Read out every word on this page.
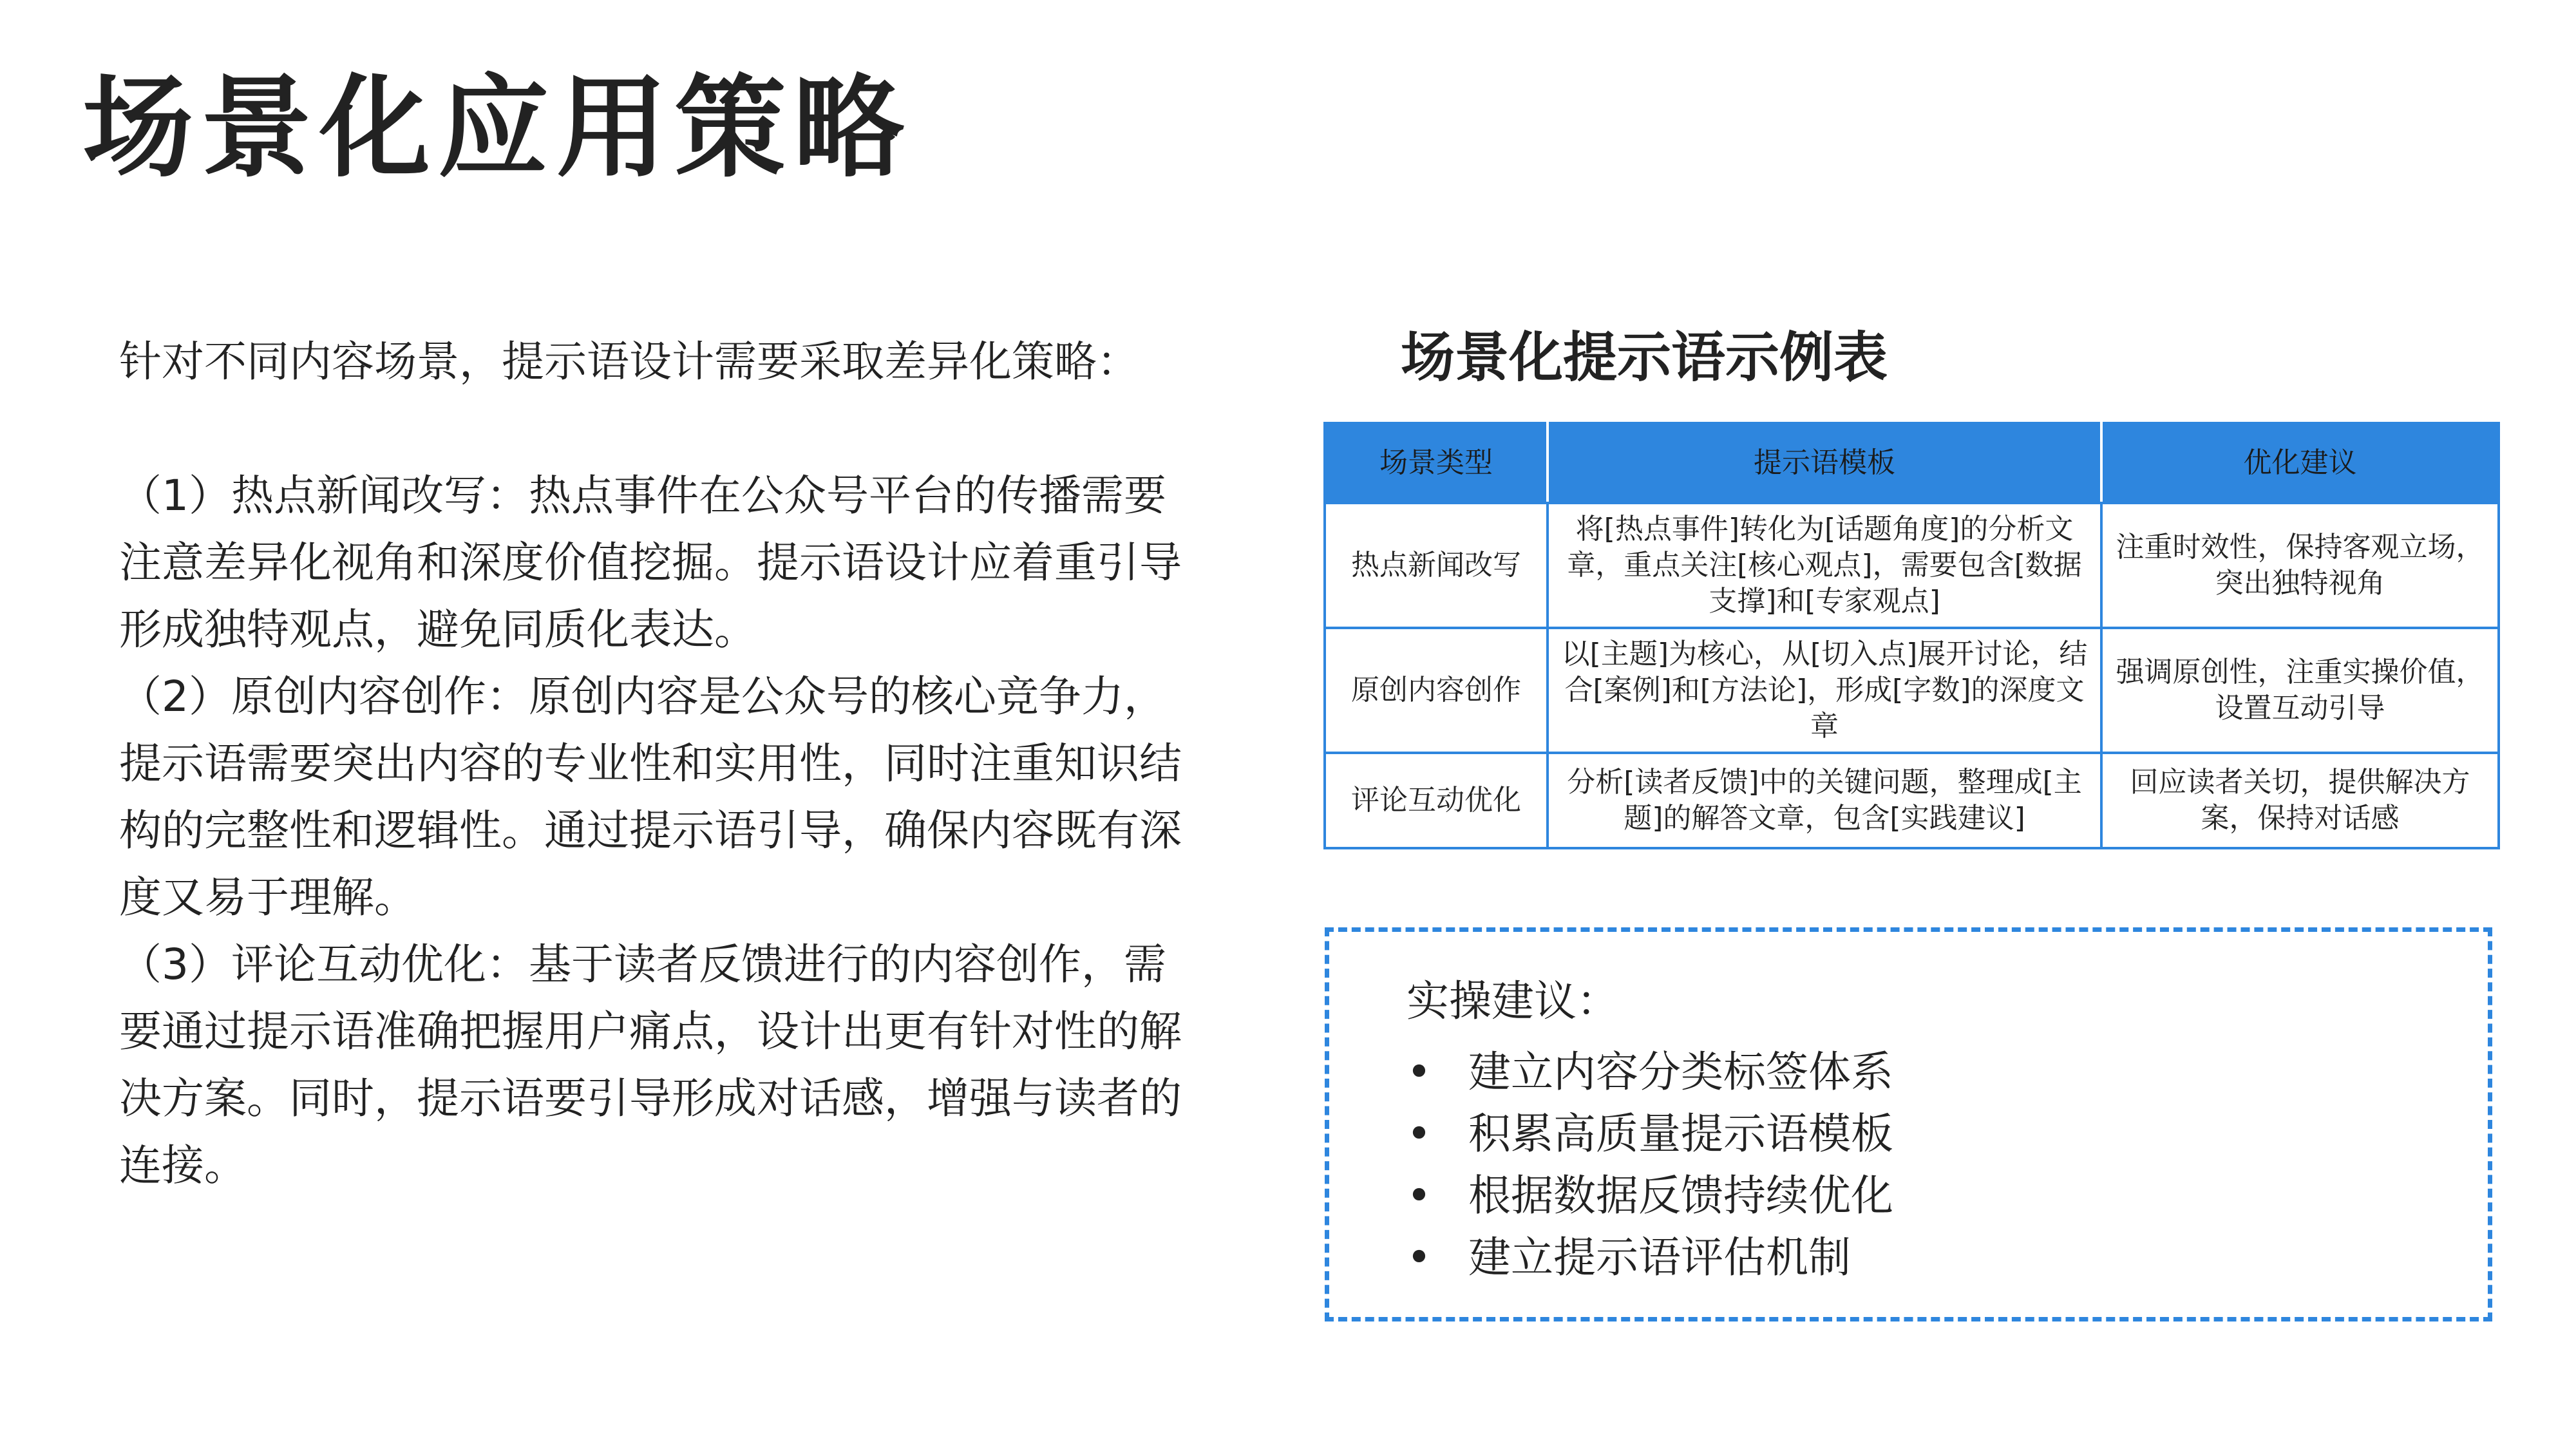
场景化应用策略

针对不同内容场景，提示语设计需要采取差异化策略：

（1）热点新闻改写：热点事件在公众号平台的传播需要注意差异化视角和深度价值挖掘。提示语设计应着重引导形成独特观点，避免同质化表达。

（2）原创内容创作：原创内容是公众号的核心竞争力，提示语需要突出内容的专业性和实用性，同时注重知识结构的完整性和逻辑性。通过提示语引导，确保内容既有深度又易于理解。

（3）评论互动优化：基于读者反馈进行的内容创作，需要通过提示语准确把握用户痛点，设计出更有针对性的解决方案。同时，提示语要引导形成对话感，增强与读者的连接。

场景化提示语示例表
场景类型	提示语模板	优化建议
热点新闻改写	将[热点事件]转化为[话题角度]的分析文章，重点关注[核心观点]，需要包含[数据支撑]和[专家观点]	注重时效性，保持客观立场，突出独特视角
原创内容创作	以[主题]为核心，从[切入点]展开讨论，结合[案例]和[方法论]，形成[字数]的深度文章	强调原创性，注重实操价值，设置互动引导
评论互动优化	分析[读者反馈]中的关键问题，整理成[主题]的解答文章，包含[实践建议]	回应读者关切，提供解决方案，保持对话感
实操建议：
• 建立内容分类标签体系
• 积累高质量提示语模板
• 根据数据反馈持续优化
• 建立提示语评估机制
